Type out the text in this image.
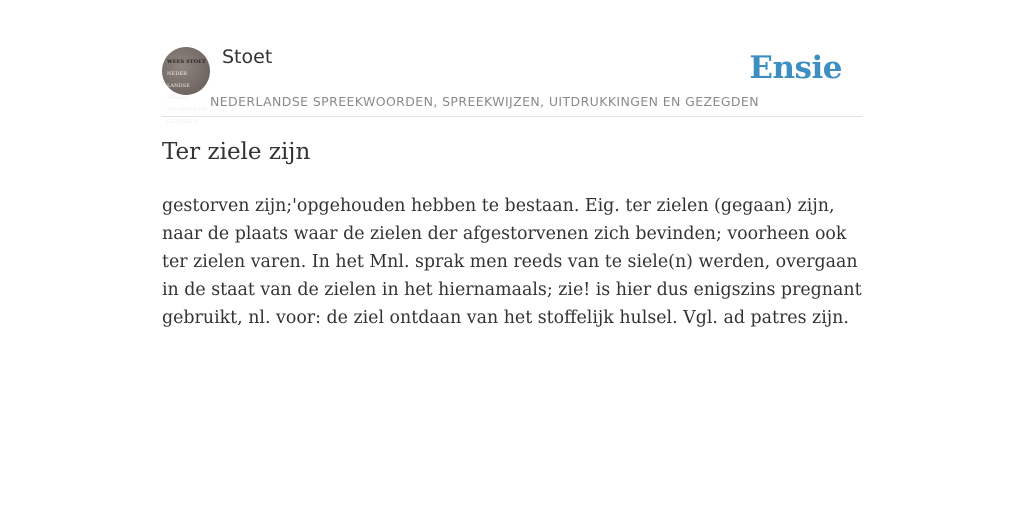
WEES STOET

NEDER

LANDSE

SPREEK

WOORDEN EN

GEZEGDEN

Stoet
NEDERLANDSE SPREEKWOORDEN, SPREEKWIJZEN, UITDRUKKINGEN EN GEZEGDEN
Ensie
Ter ziele zijn

gestorven zijn;'opgehouden hebben te bestaan. Eig. ter zielen (gegaan) zijn, naar de plaats waar de zielen der afgestorvenen zich bevinden; voorheen ook ter zielen varen. In het Mnl. sprak men reeds van te siele(n) werden, overgaan in de staat van de zielen in het hiernamaals; zie! is hier dus enigszins pregnant gebruikt, nl. voor: de ziel ontdaan van het stoffelijk hulsel. Vgl. ad patres zijn.
